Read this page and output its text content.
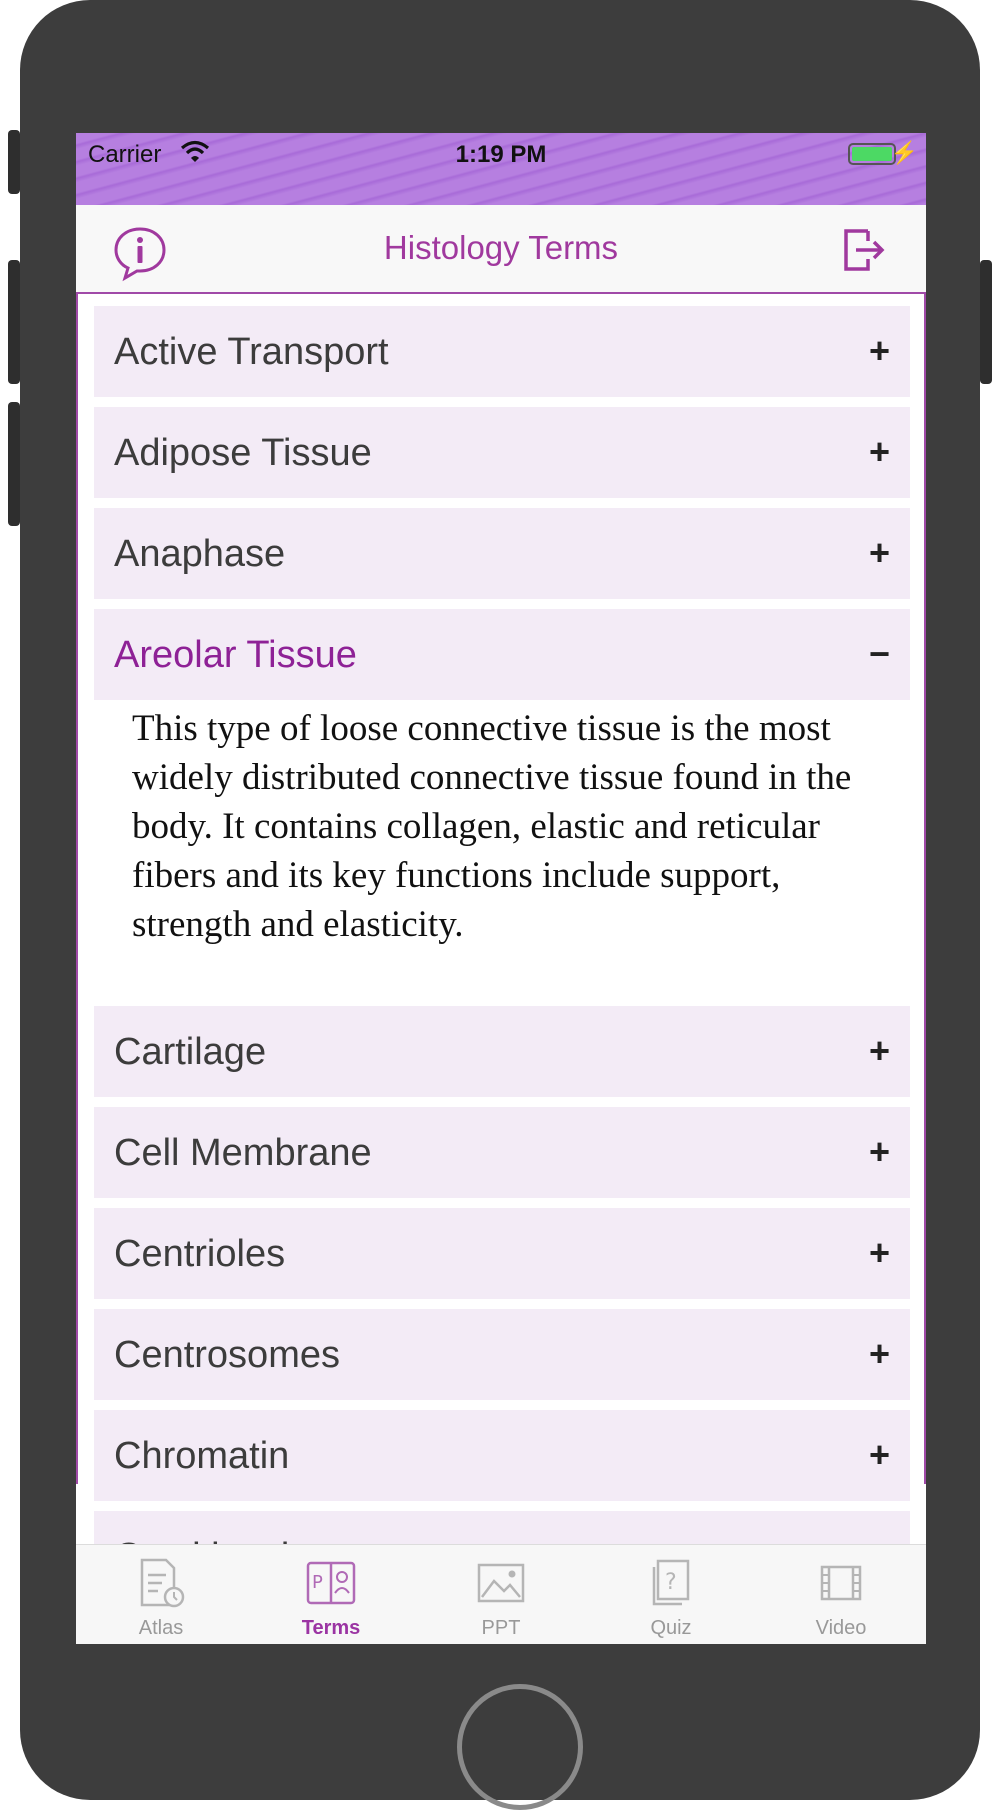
Carrier	1:19 PM	⚡
Histology Terms
Active Transport	+
Adipose Tissue	+
Anaphase	+
Areolar Tissue	−
This type of loose connective tissue is the most widely distributed connective tissue found in the body. It contains collagen, elastic and reticular fibers and its key functions include support, strength and elasticity.
Cartilage	+
Cell Membrane	+
Centrioles	+
Centrosomes	+
Chromatin	+
Atlas
P
Terms	PPT
?
Quiz	Video
